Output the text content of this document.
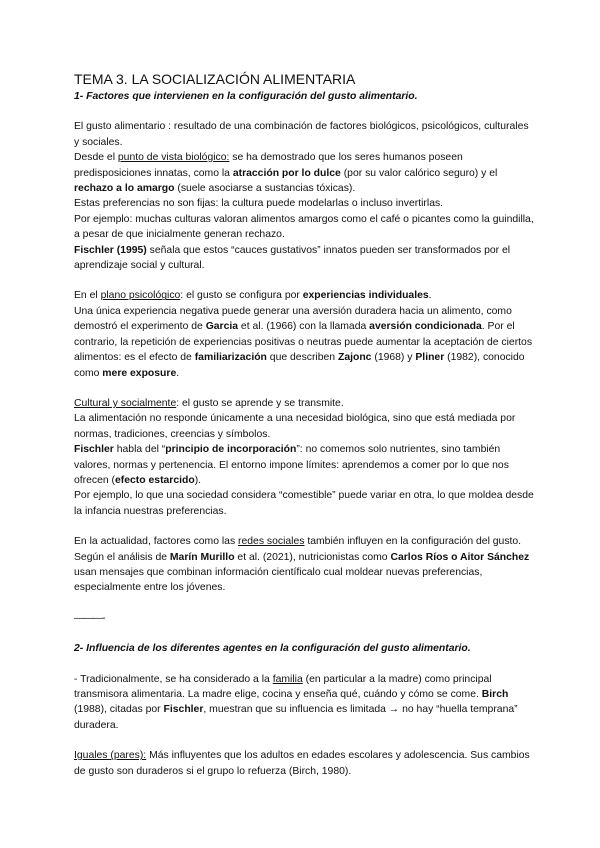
TEMA 3. LA SOCIALIZACIÓN ALIMENTARIA

1- Factores que intervienen en la configuración del gusto alimentario.

El gusto alimentario : resultado de una combinación de factores biológicos, psicológicos, culturales y sociales.

Desde el punto de vista biológico: se ha demostrado que los seres humanos poseen predisposiciones innatas, como la atracción por lo dulce (por su valor calórico seguro) y el rechazo a lo amargo (suele asociarse a sustancias tóxicas).

Estas preferencias no son fijas: la cultura puede modelarlas o incluso invertirlas.

Por ejemplo: muchas culturas valoran alimentos amargos como el café o picantes como la guindilla, a pesar de que inicialmente generan rechazo.

Fischler (1995) señala que estos “cauces gustativos” innatos pueden ser transformados por el aprendizaje social y cultural.

En el plano psicológico: el gusto se configura por experiencias individuales.

Una única experiencia negativa puede generar una aversión duradera hacia un alimento, como demostró el experimento de Garcia et al. (1966) con la llamada aversión condicionada. Por el contrario, la repetición de experiencias positivas o neutras puede aumentar la aceptación de ciertos alimentos: es el efecto de familiarización que describen Zajonc (1968) y Pliner (1982), conocido como mere exposure.

Cultural y socialmente: el gusto se aprende y se transmite.

La alimentación no responde únicamente a una necesidad biológica, sino que está mediada por normas, tradiciones, creencias y símbolos.

Fischler habla del “principio de incorporación”: no comemos solo nutrientes, sino también valores, normas y pertenencia. El entorno impone límites: aprendemos a comer por lo que nos ofrecen (efecto estarcido).

Por ejemplo, lo que una sociedad considera “comestible” puede variar en otra, lo que moldea desde la infancia nuestras preferencias.

En la actualidad, factores como las redes sociales también influyen en la configuración del gusto. Según el análisis de Marín Murillo et al. (2021), nutricionistas como Carlos Ríos o Aitor Sánchez usan mensajes que combinan información científicalo cual moldear nuevas preferencias, especialmente entre los jóvenes.

———-

2- Influencia de los diferentes agentes en la configuración del gusto alimentario.

- Tradicionalmente, se ha considerado a la familia (en particular a la madre) como principal transmisora alimentaria. La madre elige, cocina y enseña qué, cuándo y cómo se come. Birch (1988), citadas por Fischler, muestran que su influencia es limitada → no hay “huella temprana” duradera.

Iguales (pares): Más influyentes que los adultos en edades escolares y adolescencia. Sus cambios de gusto son duraderos si el grupo lo refuerza (Birch, 1980).
